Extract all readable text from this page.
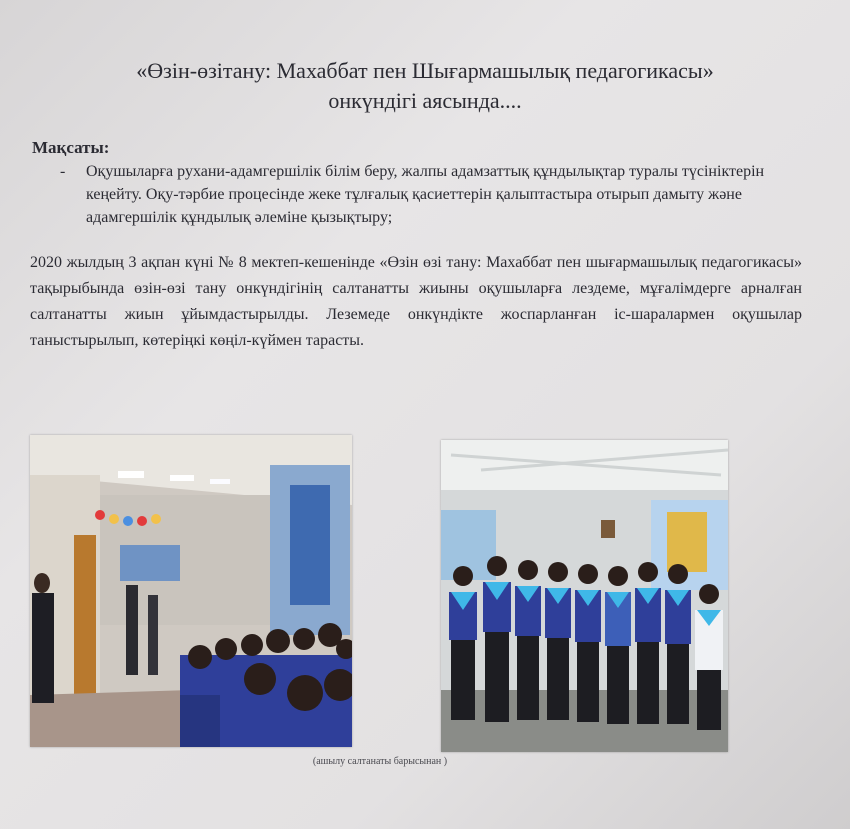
«Өзін-өзітану: Махаббат пен Шығармашылық педагогикасы»
онкүндігі аясында....
Мақсаты:
- Оқушыларға рухани-адамгершілік білім беру, жалпы адамзаттық құндылықтар туралы түсініктерін кеңейту. Оқу-тәрбие процесінде жеке тұлғалық қасиеттерін қалыптастыра отырып дамыту және адамгершілік құндылық әлеміне қызықтыру;
2020 жылдың 3 ақпан күні № 8 мектеп-кешенінде «Өзін өзі тану: Махаббат пен шығармашылық педагогикасы» тақырыбында өзін-өзі тану онкүндігінің салтанатты жиыны оқушыларға лездеме, мұғалімдерге арналған салтанатты жиын ұйымдастырылды. Леземеде онкүндікте жоспарланған іс-шаралармен оқушылар таныстырылып, көтеріңкі көңіл-күймен тарасты.
(ашылу салтанаты барысынан )
